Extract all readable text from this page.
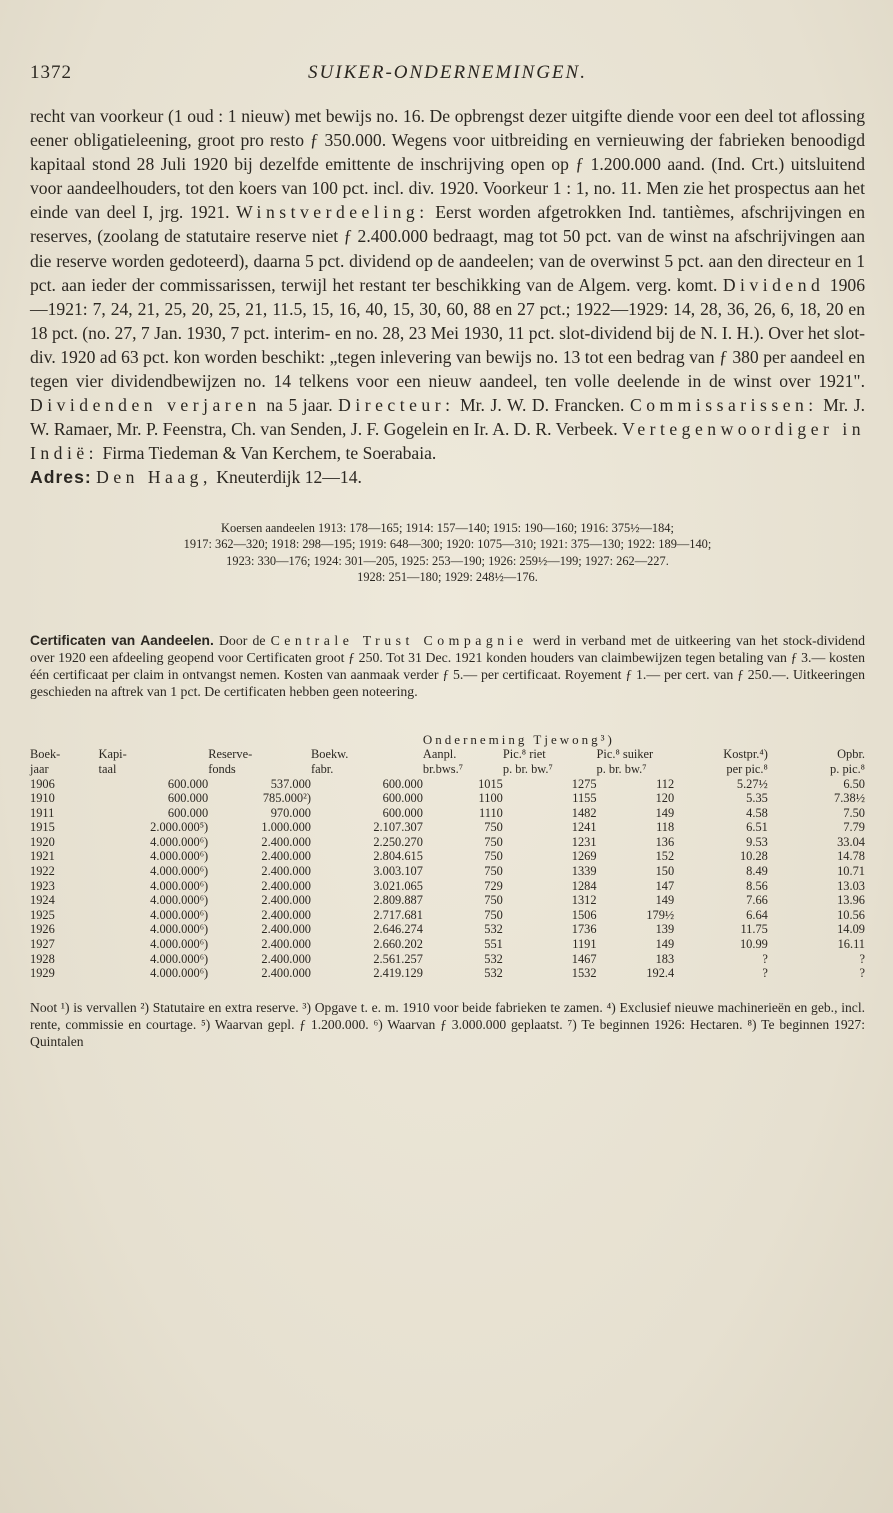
1372	SUIKER-ONDERNEMINGEN.

recht van voorkeur (1 oud : 1 nieuw) met bewijs no. 16. De opbrengst dezer uitgifte diende voor een deel tot aflossing eener obligatieleening, groot pro resto ƒ 350.000. Wegens voor uitbreiding en vernieuwing der fabrieken benoodigd kapitaal stond 28 Juli 1920 bij dezelfde emittente de inschrijving open op ƒ 1.200.000 aand. (Ind. Crt.) uitsluitend voor aandeelhouders, tot den koers van 100 pct. incl. div. 1920. Voorkeur 1 : 1, no. 11. Men zie het prospectus aan het einde van deel I, jrg. 1921. Winstverdeeling: Eerst worden afgetrokken Ind. tantièmes, afschrijvingen en reserves, (zoolang de statutaire reserve niet ƒ 2.400.000 bedraagt, mag tot 50 pct. van de winst na afschrijvingen aan die reserve worden gedoteerd), daarna 5 pct. dividend op de aandeelen; van de overwinst 5 pct. aan den directeur en 1 pct. aan ieder der commissarissen, terwijl het restant ter beschikking van de Algem. verg. komt. Dividend 1906—1921: 7, 24, 21, 25, 20, 25, 21, 11.5, 15, 16, 40, 15, 30, 60, 88 en 27 pct.; 1922—1929: 14, 28, 36, 26, 6, 18, 20 en 18 pct. (no. 27, 7 Jan. 1930, 7 pct. interim- en no. 28, 23 Mei 1930, 11 pct. slot-dividend bij de N. I. H.). Over het slot-div. 1920 ad 63 pct. kon worden beschikt: „tegen inlevering van bewijs no. 13 tot een bedrag van ƒ 380 per aandeel en tegen vier dividendbewijzen no. 14 telkens voor een nieuw aandeel, ten volle deelende in de winst over 1921". Dividenden verjaren na 5 jaar. Directeur: Mr. J. W. D. Francken. Commissarissen: Mr. J. W. Ramaer, Mr. P. Feenstra, Ch. van Senden, J. F. Gogelein en Ir. A. D. R. Verbeek. Vertegenwoordiger in Indië: Firma Tiedeman & Van Kerchem, te Soerabaia.

Adres: Den Haag, Kneuterdijk 12—14.

Koersen aandeelen 1913: 178—165; 1914: 157—140; 1915: 190—160; 1916: 375½—184;
1917: 362—320; 1918: 298—195; 1919: 648—300; 1920: 1075—310; 1921: 375—130; 1922: 189—140;
1923: 330—176; 1924: 301—205, 1925: 253—190; 1926: 259½—199; 1927: 262—227.
1928: 251—180; 1929: 248½—176.
Certificaten van Aandeelen. Door de Centrale Trust Compagnie werd in verband met de uitkeering van het stock-dividend over 1920 een afdeeling geopend voor Certificaten groot ƒ 250. Tot 31 Dec. 1921 konden houders van claimbewijzen tegen betaling van ƒ 3.— kosten één certificaat per claim in ontvangst nemen. Kosten van aanmaak verder ƒ 5.— per certificaat. Royement ƒ 1.— per cert. van ƒ 250.—. Uitkeeringen geschieden na aftrek van 1 pct. De certificaten hebben geen noteering.
				Onderneming Tjewong³)				
Boek-	Kapi-	Reserve-	Boekw.	Aanpl.	Pic.⁸ riet	Pic.⁸ suiker	Kostpr.⁴)	Opbr.
jaar	taal	fonds	fabr.	br.bws.⁷	p. br. bw.⁷	p. br. bw.⁷	per pic.⁸	p. pic.⁸
1906	600.000	537.000	600.000	1015	1275	112	5.27½	6.50
1910	600.000	785.000²)	600.000	1100	1155	120	5.35	7.38½
1911	600.000	970.000	600.000	1110	1482	149	4.58	7.50
1915	2.000.000⁵)	1.000.000	2.107.307	750	1241	118	6.51	7.79
1920	4.000.000⁶)	2.400.000	2.250.270	750	1231	136	9.53	33.04
1921	4.000.000⁶)	2.400.000	2.804.615	750	1269	152	10.28	14.78
1922	4.000.000⁶)	2.400.000	3.003.107	750	1339	150	8.49	10.71
1923	4.000.000⁶)	2.400.000	3.021.065	729	1284	147	8.56	13.03
1924	4.000.000⁶)	2.400.000	2.809.887	750	1312	149	7.66	13.96
1925	4.000.000⁶)	2.400.000	2.717.681	750	1506	179½	6.64	10.56
1926	4.000.000⁶)	2.400.000	2.646.274	532	1736	139	11.75	14.09
1927	4.000.000⁶)	2.400.000	2.660.202	551	1191	149	10.99	16.11
1928	4.000.000⁶)	2.400.000	2.561.257	532	1467	183	?	?
1929	4.000.000⁶)	2.400.000	2.419.129	532	1532	192.4	?	?
Noot ¹) is vervallen ²) Statutaire en extra reserve. ³) Opgave t. e. m. 1910 voor beide fabrieken te zamen. ⁴) Exclusief nieuwe machinerieën en geb., incl. rente, commissie en courtage. ⁵) Waarvan gepl. ƒ 1.200.000. ⁶) Waarvan ƒ 3.000.000 geplaatst. ⁷) Te beginnen 1926: Hectaren. ⁸) Te beginnen 1927: Quintalen
